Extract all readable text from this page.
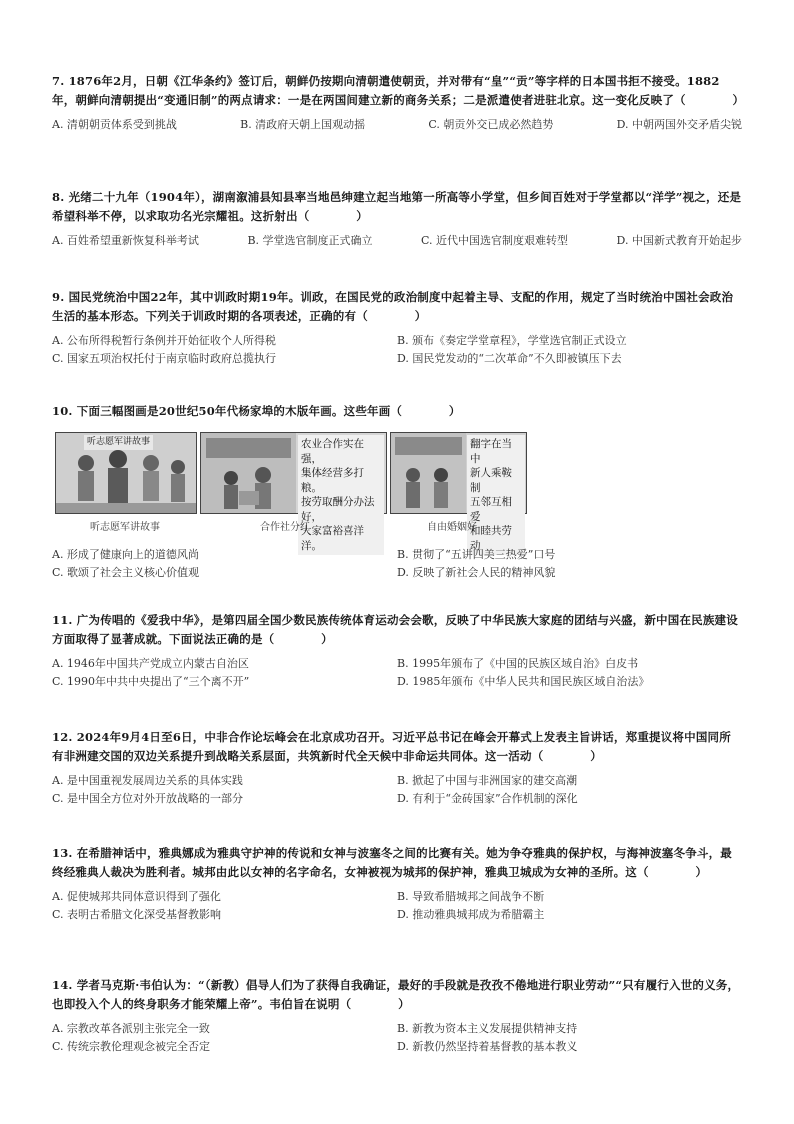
7. 1876年2月，日朝《江华条约》签订后，朝鲜仍按期向清朝遣使朝贡，并对带有“皇”“贡”等字样的日本国书拒不接受。1882年，朝鲜向清朝提出“变通旧制”的两点请求：一是在两国间建立新的商务关系；二是派遣使者进驻北京。这一变化反映了（　　　　）
A. 清朝朝贡体系受到挑战	B. 清政府天朝上国观动摇	C. 朝贡外交已成必然趋势	D. 中朝两国外交矛盾尖锐
8. 光绪二十九年（1904年），湖南溆浦县知县率当地邑绅建立起当地第一所高等小学堂，但乡间百姓对于学堂都以“洋学”视之，还是希望科举不停，以求取功名光宗耀祖。这折射出（　　　　）
A. 百姓希望重新恢复科举考试	B. 学堂选官制度正式确立	C. 近代中国选官制度艰难转型	D. 中国新式教育开始起步
9. 国民党统治中国22年，其中训政时期19年。训政，在国民党的政治制度中起着主导、支配的作用，规定了当时统治中国社会政治生活的基本形态。下列关于训政时期的各项表述，正确的有（　　　　）
A. 公布所得税暂行条例并开始征收个人所得税	B. 颁布《奏定学堂章程》，学堂选官制正式设立
C. 国家五项治权托付于南京临时政府总揽执行	D. 国民党发动的“二次革命”不久即被镇压下去
10. 下面三幅图画是20世纪50年代杨家埠的木版年画。这些年画（　　　　）
听志愿军讲故事	农业合作实在强，
集体经营多打粮。
按劳取酬分办法好，
大家富裕喜洋洋。
翻字在当中
新人乘鞍制
五邻互相爱
和睦共劳动
听志愿军讲故事	合作社分红	自由婚姻好
A. 形成了健康向上的道德风尚	B. 贯彻了“五讲四美三热爱”口号
C. 歌颂了社会主义核心价值观	D. 反映了新社会人民的精神风貌
11. 广为传唱的《爱我中华》，是第四届全国少数民族传统体育运动会会歌，反映了中华民族大家庭的团结与兴盛，新中国在民族建设方面取得了显著成就。下面说法正确的是（　　　　）
A. 1946年中国共产党成立内蒙古自治区	B. 1995年颁布了《中国的民族区域自治》白皮书
C. 1990年中共中央提出了“三个离不开”	D. 1985年颁布《中华人民共和国民族区域自治法》
12. 2024年9月4日至6日，中非合作论坛峰会在北京成功召开。习近平总书记在峰会开幕式上发表主旨讲话，郑重提议将中国同所有非洲建交国的双边关系提升到战略关系层面，共筑新时代全天候中非命运共同体。这一活动（　　　　）
A. 是中国重视发展周边关系的具体实践	B. 掀起了中国与非洲国家的建交高潮
C. 是中国全方位对外开放战略的一部分	D. 有利于“金砖国家”合作机制的深化
13. 在希腊神话中，雅典娜成为雅典守护神的传说和女神与波塞冬之间的比赛有关。她为争夺雅典的保护权，与海神波塞冬争斗，最终经雅典人裁决为胜利者。城邦由此以女神的名字命名，女神被视为城邦的保护神，雅典卫城成为女神的圣所。这（　　　　）
A. 促使城邦共同体意识得到了强化	B. 导致希腊城邦之间战争不断
C. 表明古希腊文化深受基督教影响	D. 推动雅典城邦成为希腊霸主
14. 学者马克斯·韦伯认为：“（新教）倡导人们为了获得自我确证，最好的手段就是孜孜不倦地进行职业劳动”“只有履行入世的义务，也即投入个人的终身职务才能荣耀上帝”。韦伯旨在说明（　　　　）
A. 宗教改革各派别主张完全一致	B. 新教为资本主义发展提供精神支持
C. 传统宗教伦理观念被完全否定	D. 新教仍然坚持着基督教的基本教义
